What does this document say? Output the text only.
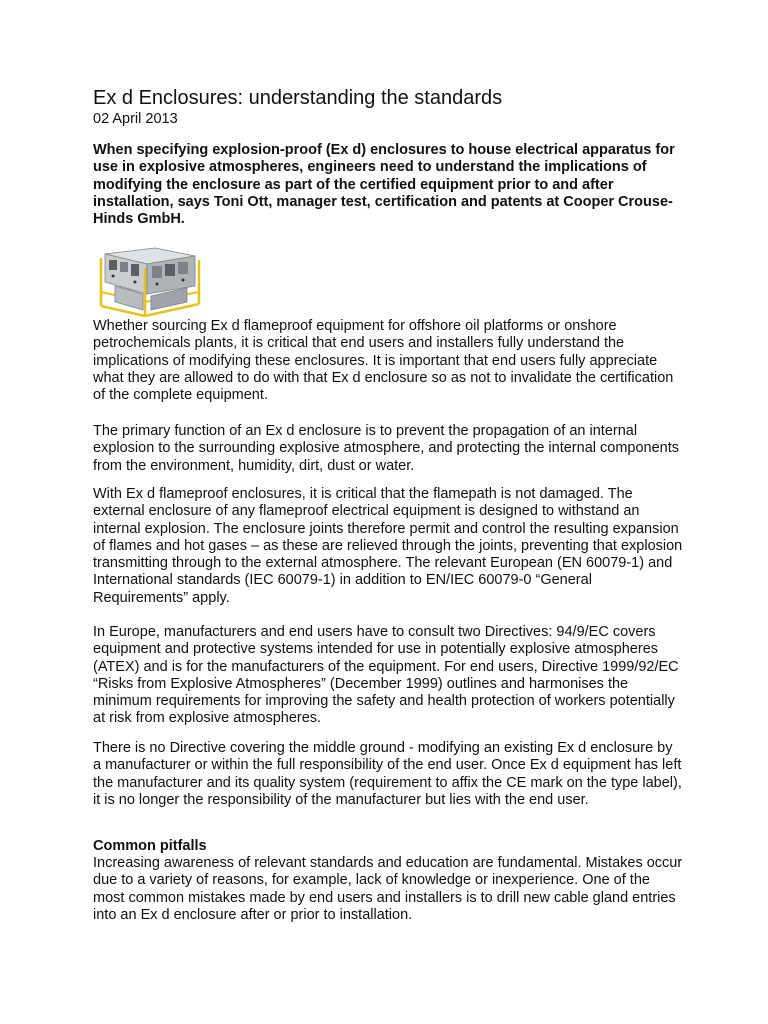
Ex d Enclosures: understanding the standards
02 April 2013

When specifying explosion-proof (Ex d) enclosures to house electrical apparatus for use in explosive atmospheres, engineers need to understand the implications of modifying the enclosure as part of the certified equipment prior to and after installation, says Toni Ott, manager test, certification and patents at Cooper Crouse-Hinds GmbH.

Whether sourcing Ex d flameproof equipment for offshore oil platforms or onshore petrochemicals plants, it is critical that end users and installers fully understand the implications of modifying these enclosures. It is important that end users fully appreciate what they are allowed to do with that Ex d enclosure so as not to invalidate the certification of the complete equipment.

The primary function of an Ex d enclosure is to prevent the propagation of an internal explosion to the surrounding explosive atmosphere, and protecting the internal components from the environment, humidity, dirt, dust or water.

With Ex d flameproof enclosures, it is critical that the flamepath is not damaged. The external enclosure of any flameproof electrical equipment is designed to withstand an internal explosion. The enclosure joints therefore permit and control the resulting expansion of flames and hot gases – as these are relieved through the joints, preventing that explosion transmitting through to the external atmosphere. The relevant European (EN 60079-1) and International standards (IEC 60079-1) in addition to EN/IEC 60079-0 “General Requirements” apply.

In Europe, manufacturers and end users have to consult two Directives: 94/9/EC covers equipment and protective systems intended for use in potentially explosive atmospheres (ATEX) and is for the manufacturers of the equipment. For end users, Directive 1999/92/EC “Risks from Explosive Atmospheres” (December 1999) outlines and harmonises the minimum requirements for improving the safety and health protection of workers potentially at risk from explosive atmospheres.

There is no Directive covering the middle ground - modifying an existing Ex d enclosure by a manufacturer or within the full responsibility of the end user. Once Ex d equipment has left the manufacturer and its quality system (requirement to affix the CE mark on the type label), it is no longer the responsibility of the manufacturer but lies with the end user.

Common pitfalls

Increasing awareness of relevant standards and education are fundamental. Mistakes occur due to a variety of reasons, for example, lack of knowledge or inexperience. One of the most common mistakes made by end users and installers is to drill new cable gland entries into an Ex d enclosure after or prior to installation.
